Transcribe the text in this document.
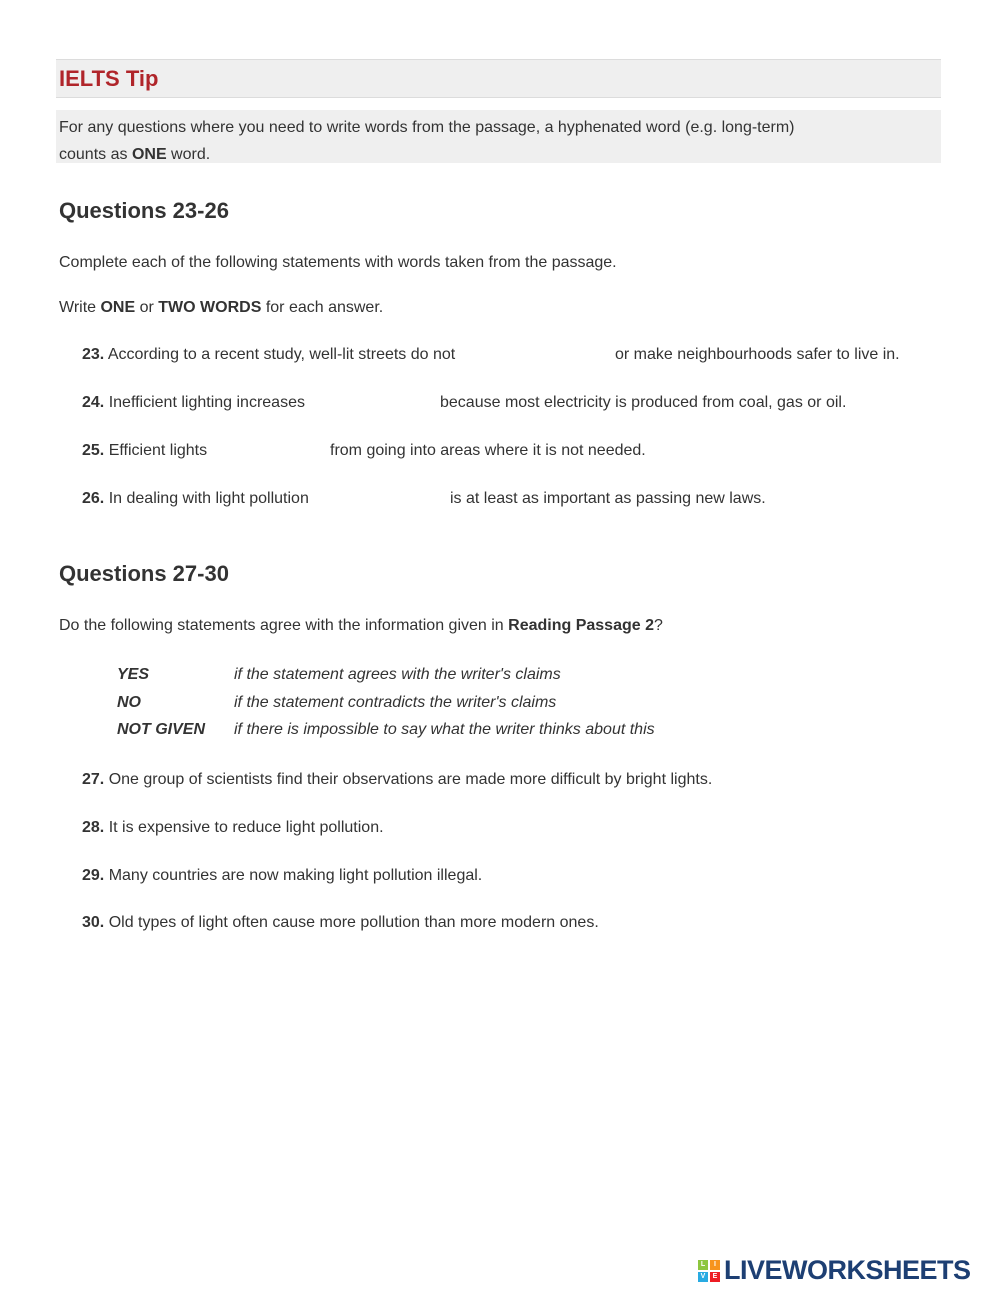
IELTS Tip
For any questions where you need to write words from the passage, a hyphenated word (e.g. long-term)
counts as ONE word.
Questions 23-26

Complete each of the following statements with words taken from the passage.

Write ONE or TWO WORDS for each answer.

23. According to a recent study, well-lit streets do not	or make neighbourhoods safer to live in.

24. Inefficient lighting increases	because most electricity is produced from coal, gas or oil.

25. Efficient lights	from going into areas where it is not needed.

26. In dealing with light pollution	is at least as important as passing new laws.
Questions 27-30

Do the following statements agree with the information given in Reading Passage 2?

YES	if the statement agrees with the writer's claims
NO	if the statement contradicts the writer's claims
NOT GIVEN if there is impossible to say what the writer thinks about this

27. One group of scientists find their observations are made more difficult by bright lights.

28. It is expensive to reduce light pollution.

29. Many countries are now making light pollution illegal.

30. Old types of light often cause more pollution than more modern ones.

L	I
V	E LIVEWORKSHEETS
